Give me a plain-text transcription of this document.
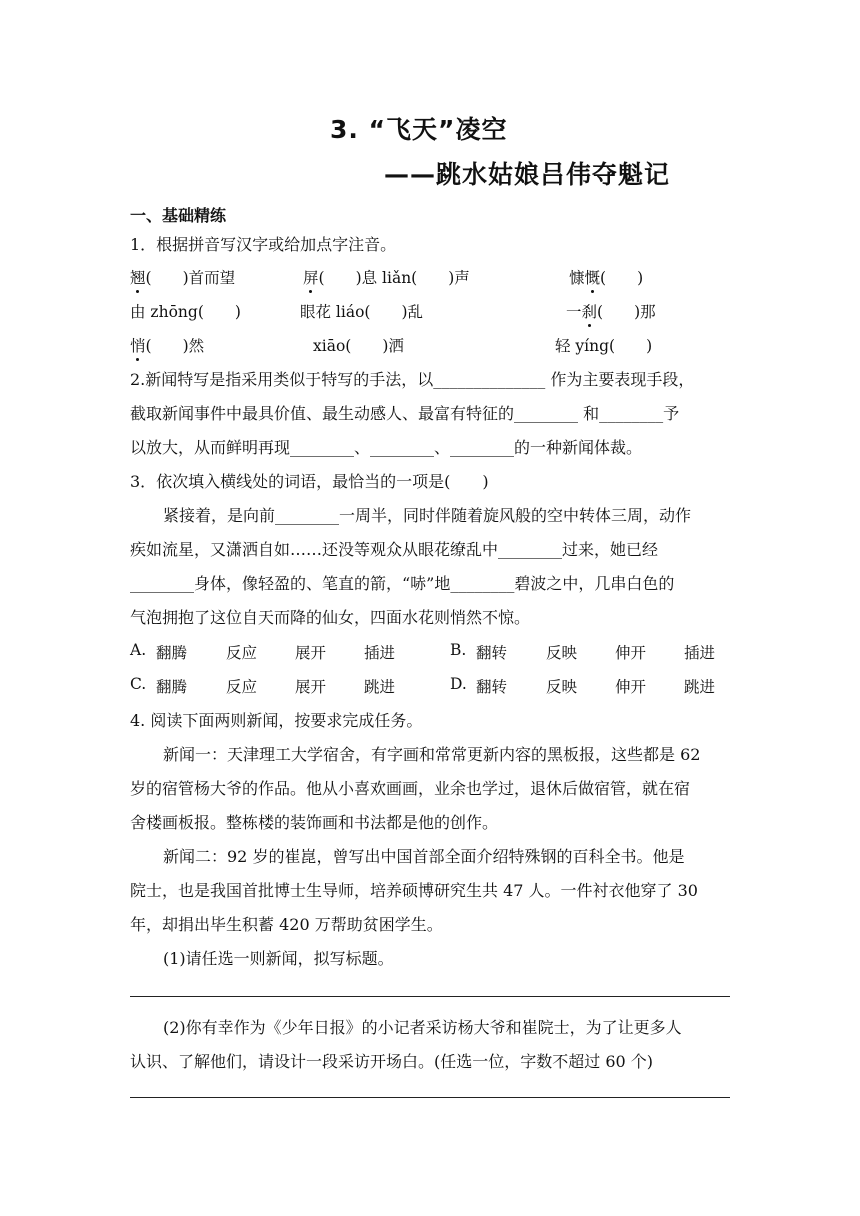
3. “飞天”凌空
——跳水姑娘吕伟夺魁记
一、基础精练
1．根据拼音写汉字或给加点字注音。
翘(　　)首而望	屏(　　)息 liǎn(　　)声	慷慨(　　)
由 zhōng(　　)	眼花 liáo(　　)乱	一刹(　　)那
悄(　　)然	xiāo(　　)洒	轻 yíng(　　)
2.新闻特写是指采用类似于特写的手法，以______________ 作为主要表现手段，
截取新闻事件中最具价值、最生动感人、最富有特征的________ 和________予
以放大，从而鲜明再现________、________、________的一种新闻体裁。
3．依次填入横线处的词语，最恰当的一项是(　　)
紧接着，是向前________一周半，同时伴随着旋风般的空中转体三周，动作
疾如流星，又潇洒自如……还没等观众从眼花缭乱中________过来，她已经
________身体，像轻盈的、笔直的箭，“哧”地________碧波之中，几串白色的
气泡拥抱了这位自天而降的仙女，四面水花则悄然不惊。
A. 翻腾	反应 展开 插进	B. 翻转	反映 伸开 插进
C. 翻腾	反应 展开 跳进	D. 翻转	反映 伸开 跳进
4. 阅读下面两则新闻，按要求完成任务。
新闻一：天津理工大学宿舍，有字画和常常更新内容的黑板报，这些都是 62
岁的宿管杨大爷的作品。他从小喜欢画画，业余也学过，退休后做宿管，就在宿
舍楼画板报。整栋楼的装饰画和书法都是他的创作。
新闻二：92 岁的崔崑，曾写出中国首部全面介绍特殊钢的百科全书。他是
院士，也是我国首批博士生导师，培养硕博研究生共 47 人。一件衬衣他穿了 30
年，却捐出毕生积蓄 420 万帮助贫困学生。
(1)请任选一则新闻，拟写标题。
(2)你有幸作为《少年日报》的小记者采访杨大爷和崔院士，为了让更多人
认识、了解他们，请设计一段采访开场白。(任选一位，字数不超过 60 个)
